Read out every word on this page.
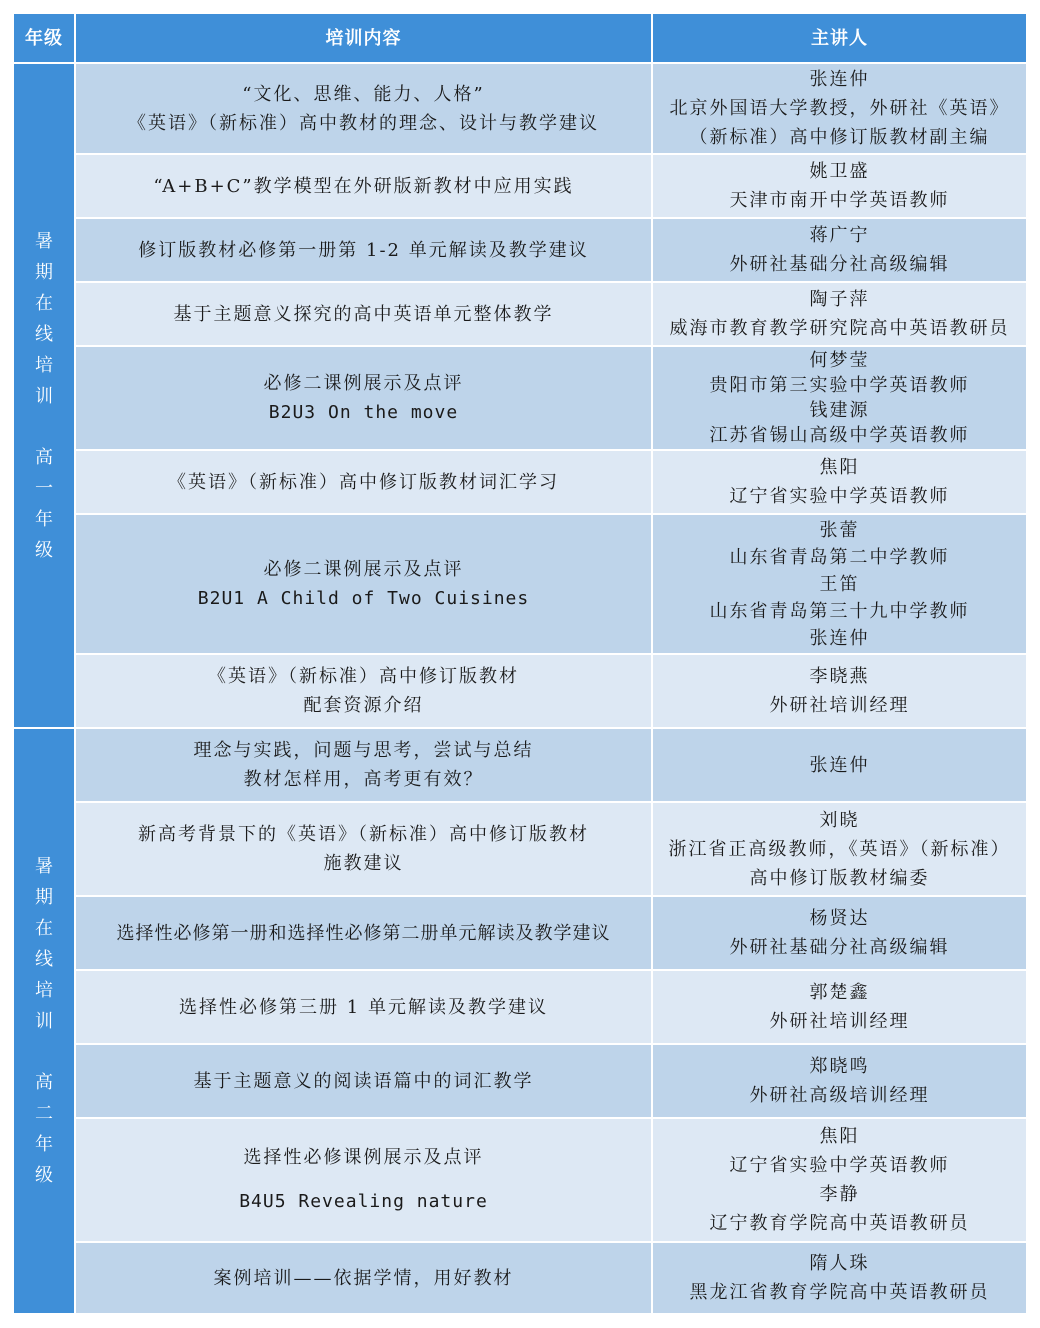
年级	培训内容	主讲人
暑期在线培训
高一年级	“文化、思维、能力、人格”
《英语》（新标准）高中教材的理念、设计与教学建议	张连仲
北京外国语大学教授，外研社《英语》
（新标准）高中修订版教材副主编

	“A+B+C”教学模型在外研版新教材中应用实践	姚卫盛
天津市南开中学英语教师

	修订版教材必修第一册第 1-2 单元解读及教学建议	蒋广宁
外研社基础分社高级编辑

	基于主题意义探究的高中英语单元整体教学	陶子萍
威海市教育教学研究院高中英语教研员

	必修二课例展示及点评
B2U3 On the move	何梦莹
贵阳市第三实验中学英语教师
钱建源
江苏省锡山高级中学英语教师

	《英语》（新标准）高中修订版教材词汇学习	焦阳
辽宁省实验中学英语教师

	必修二课例展示及点评
B2U1 A Child of Two Cuisines	张蕾
山东省青岛第二中学教师
王笛
山东省青岛第三十九中学教师
张连仲

	《英语》（新标准）高中修订版教材
配套资源介绍	李晓燕
外研社培训经理

暑期在线培训
高二年级	理念与实践，问题与思考，尝试与总结
教材怎样用，高考更有效？	张连仲

	新高考背景下的《英语》（新标准）高中修订版教材
施教建议	刘晓
浙江省正高级教师，《英语》（新标准）
高中修订版教材编委

	选择性必修第一册和选择性必修第二册单元解读及教学建议	杨贤达
外研社基础分社高级编辑

	选择性必修第三册 1 单元解读及教学建议	郭楚鑫
外研社培训经理

	基于主题意义的阅读语篇中的词汇教学	郑晓鸣
外研社高级培训经理

	选择性必修课例展示及点评
B4U5 Revealing nature	焦阳
辽宁省实验中学英语教师
李静
辽宁教育学院高中英语教研员

	案例培训——依据学情，用好教材	隋人珠
黑龙江省教育学院高中英语教研员
